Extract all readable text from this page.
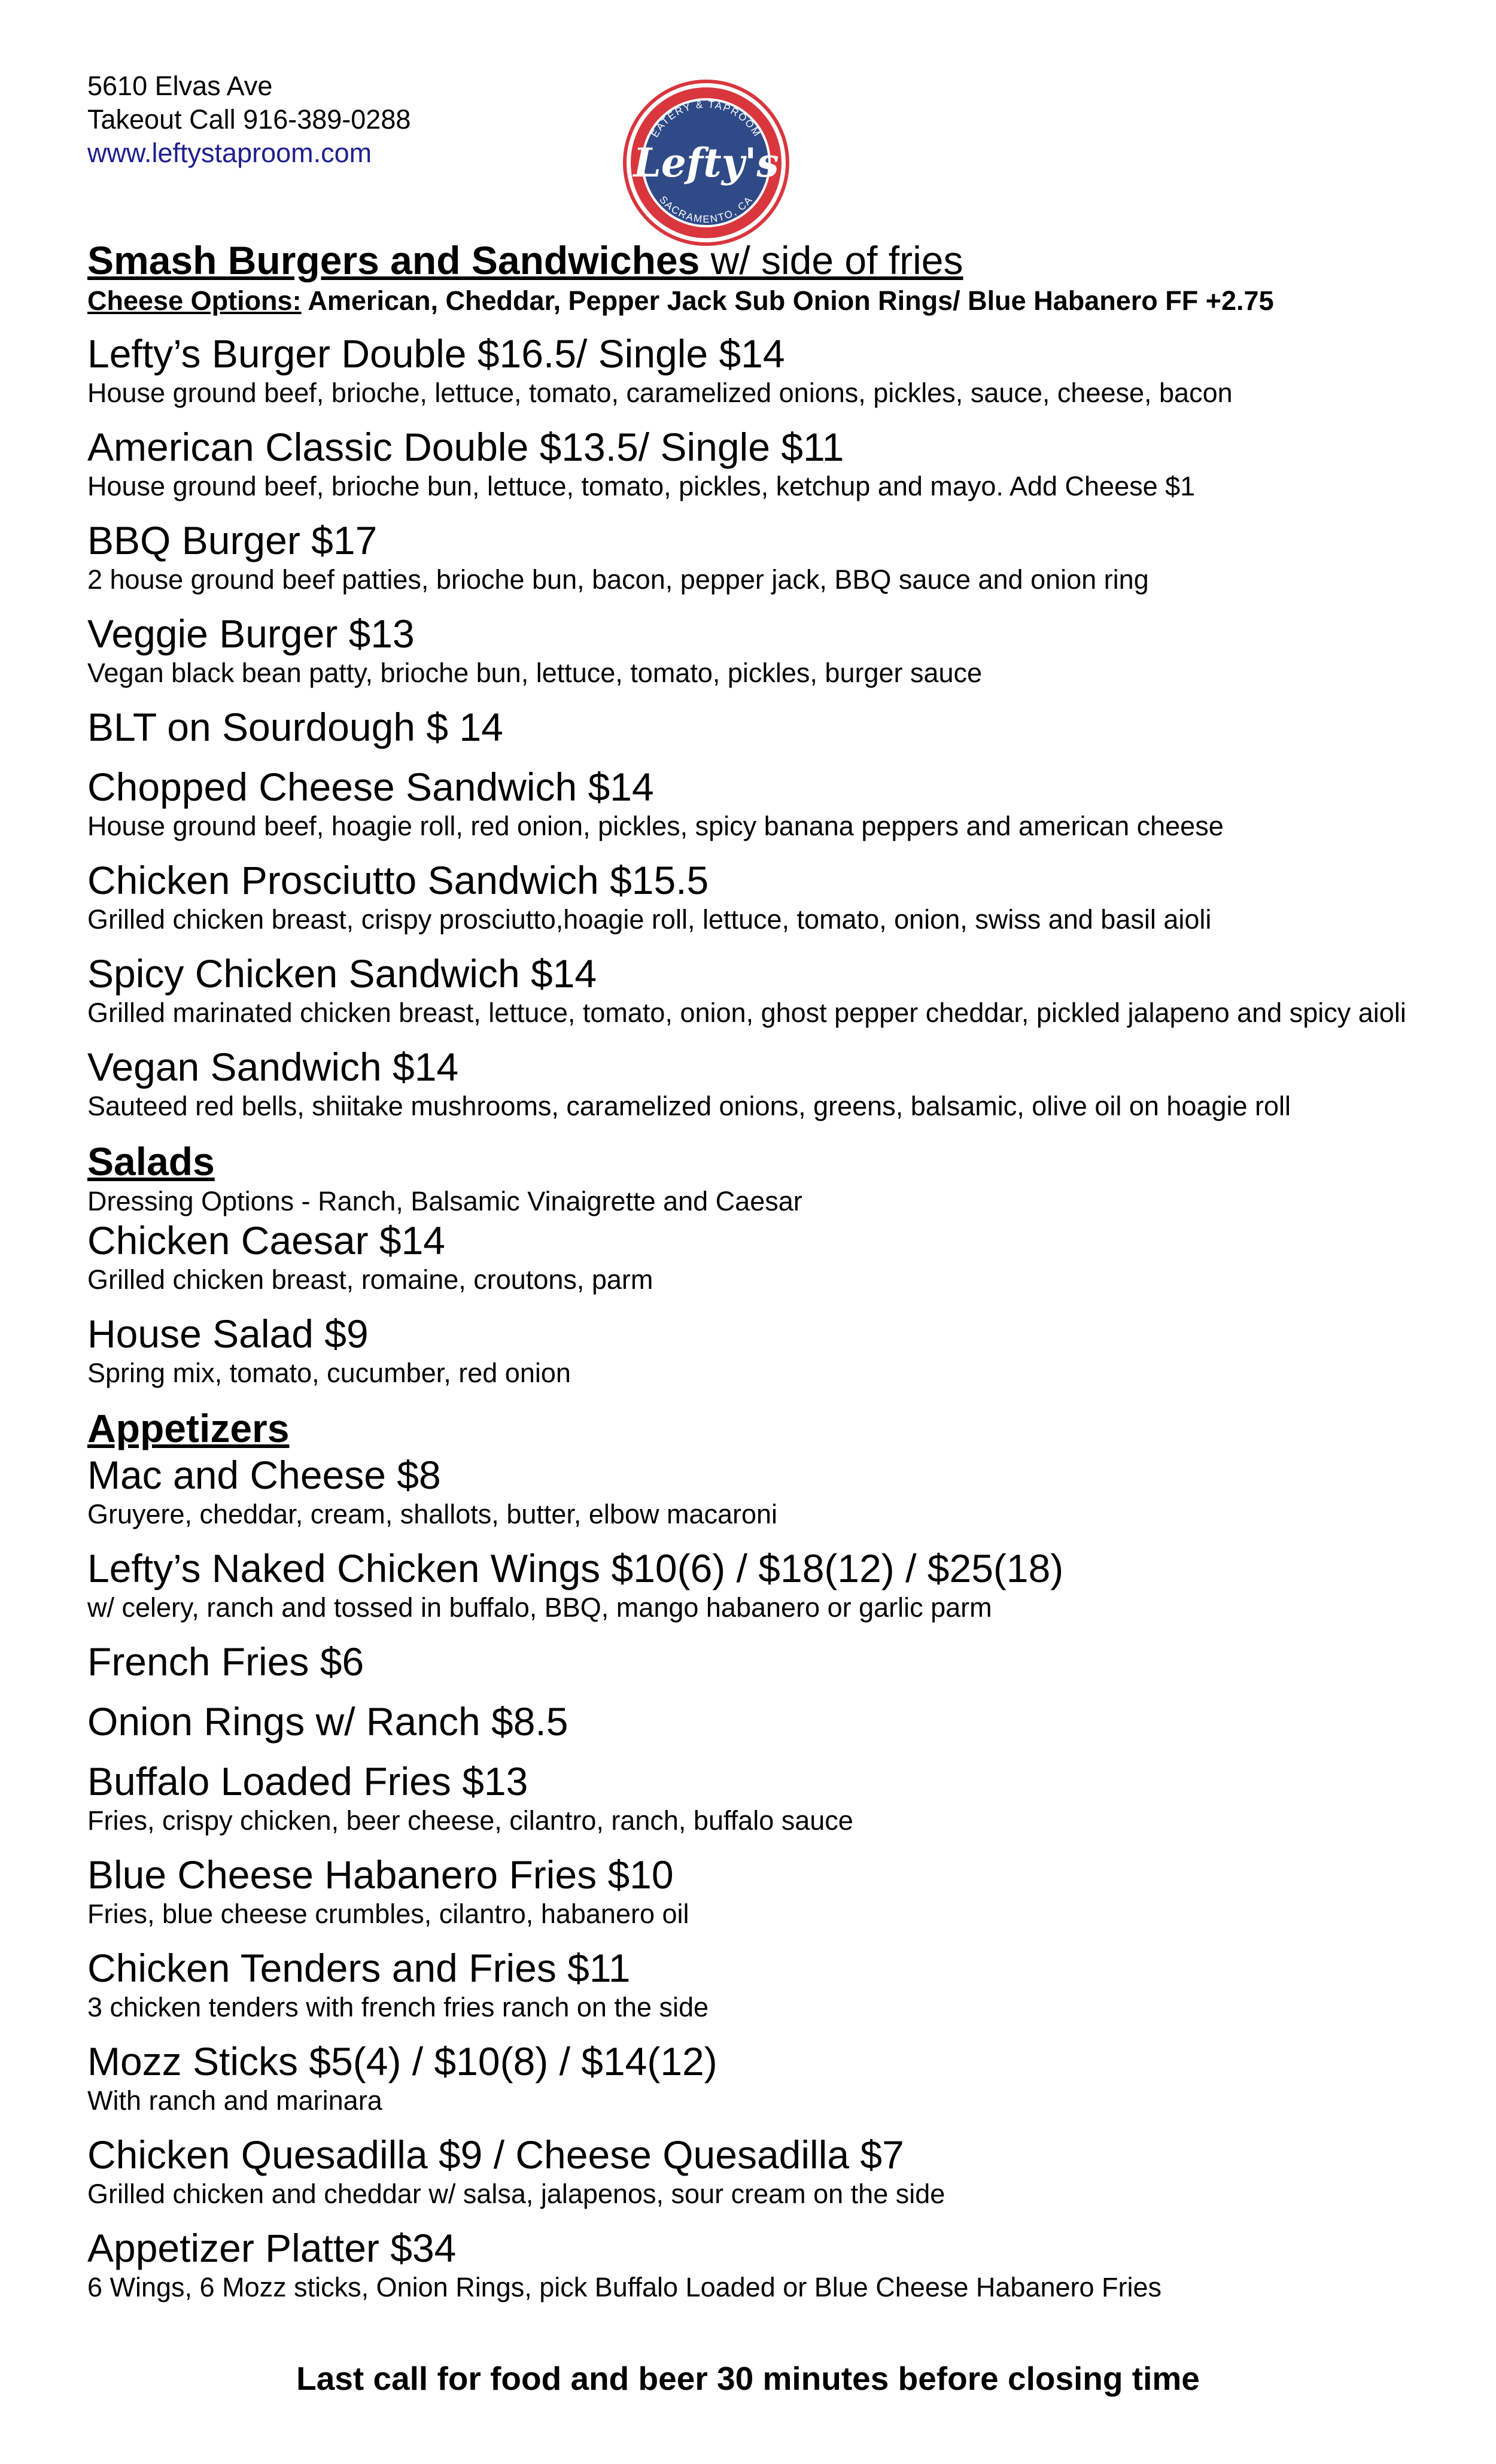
5610 Elvas Ave
Takeout Call 916-389-0288
www.leftystaproom.com
EATERY & TAPROOM
SACRAMENTO, CA
Lefty's
Smash Burgers and Sandwiches w/ side of fries
Cheese Options: American, Cheddar, Pepper Jack Sub Onion Rings/ Blue Habanero FF +2.75
Lefty’s Burger Double $16.5/ Single $14
House ground beef, brioche, lettuce, tomato, caramelized onions, pickles, sauce, cheese, bacon
American Classic Double $13.5/ Single $11
House ground beef, brioche bun, lettuce, tomato, pickles, ketchup and mayo. Add Cheese $1
BBQ Burger $17
2 house ground beef patties, brioche bun, bacon, pepper jack, BBQ sauce and onion ring
Veggie Burger $13
Vegan black bean patty, brioche bun, lettuce, tomato, pickles, burger sauce
BLT on Sourdough $ 14
Chopped Cheese Sandwich $14
House ground beef, hoagie roll, red onion, pickles, spicy banana peppers and american cheese
Chicken Prosciutto Sandwich $15.5
Grilled chicken breast, crispy prosciutto,hoagie roll, lettuce, tomato, onion, swiss and basil aioli
Spicy Chicken Sandwich $14
Grilled marinated chicken breast, lettuce, tomato, onion, ghost pepper cheddar, pickled jalapeno and spicy aioli
Vegan Sandwich $14
Sauteed red bells, shiitake mushrooms, caramelized onions, greens, balsamic, olive oil on hoagie roll
Salads
Dressing Options - Ranch, Balsamic Vinaigrette and Caesar
Chicken Caesar $14
Grilled chicken breast, romaine, croutons, parm
House Salad $9
Spring mix, tomato, cucumber, red onion
Appetizers
Mac and Cheese $8
Gruyere, cheddar, cream, shallots, butter, elbow macaroni
Lefty’s Naked Chicken Wings $10(6) / $18(12) / $25(18)
w/ celery, ranch and tossed in buffalo, BBQ, mango habanero or garlic parm
French Fries $6
Onion Rings w/ Ranch $8.5
Buffalo Loaded Fries $13
Fries, crispy chicken, beer cheese, cilantro, ranch, buffalo sauce
Blue Cheese Habanero Fries $10
Fries, blue cheese crumbles, cilantro, habanero oil
Chicken Tenders and Fries $11
3 chicken tenders with french fries ranch on the side
Mozz Sticks $5(4) / $10(8) / $14(12)
With ranch and marinara
Chicken Quesadilla $9 / Cheese Quesadilla $7
Grilled chicken and cheddar w/ salsa, jalapenos, sour cream on the side
Appetizer Platter $34
6 Wings, 6 Mozz sticks, Onion Rings, pick Buffalo Loaded or Blue Cheese Habanero Fries
Last call for food and beer 30 minutes before closing time
